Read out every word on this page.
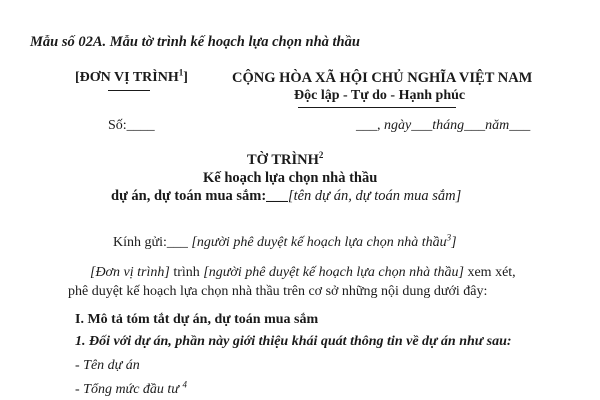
Mẫu số 02A. Mẫu tờ trình kế hoạch lựa chọn nhà thầu
[ĐƠN VỊ TRÌNH$^1$]	CỘNG HÒA XÃ HỘI CHỦ NGHĨA VIỆT NAM
Độc lập - Tự do - Hạnh phúc
Số:____	___, ngày___tháng___năm___
TỜ TRÌNH$^2$
Kế hoạch lựa chọn nhà thầu
dự án, dự toán mua sắm:___[tên dự án, dự toán mua sắm]
Kính gửi:___ [người phê duyệt kế hoạch lựa chọn nhà thầu$^3$]
[Đơn vị trình] trình [người phê duyệt kế hoạch lựa chọn nhà thầu] xem xét,
phê duyệt kế hoạch lựa chọn nhà thầu trên cơ sở những nội dung dưới đây:
I. Mô tả tóm tắt dự án, dự toán mua sắm
1. Đối với dự án, phần này giới thiệu khái quát thông tin về dự án như sau:
- Tên dự án
- Tổng mức đầu tư $^4$
